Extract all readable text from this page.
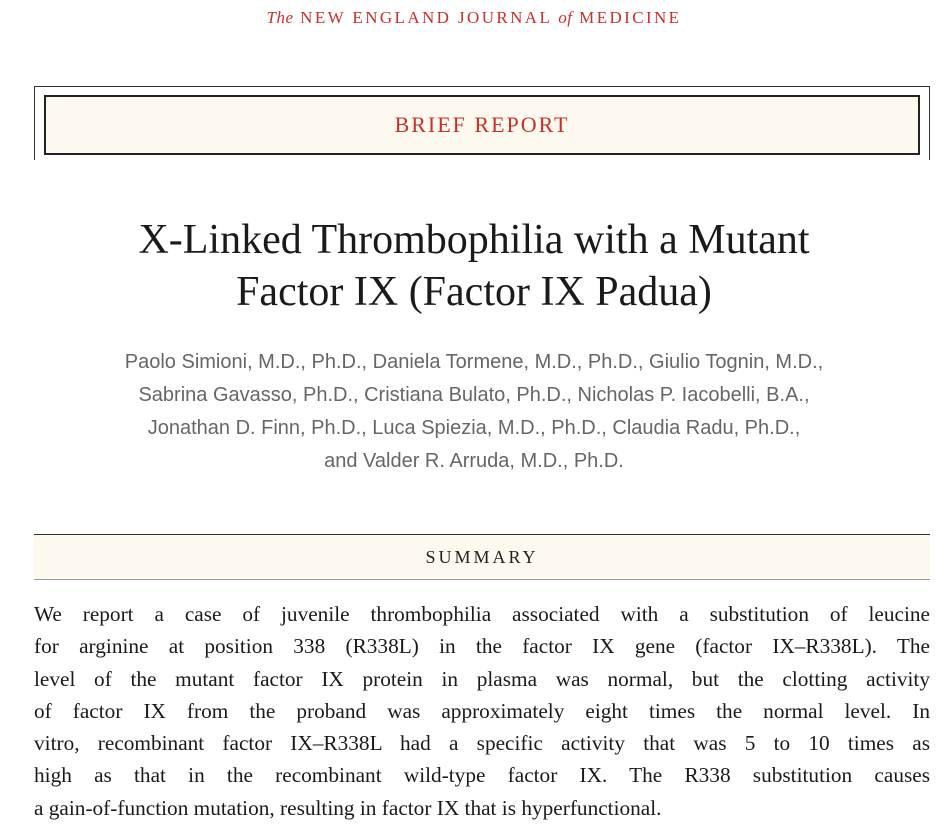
The NEW ENGLAND JOURNAL of MEDICINE
BRIEF REPORT
X-Linked Thrombophilia with a Mutant
Factor IX (Factor IX Padua)
Paolo Simioni, M.D., Ph.D., Daniela Tormene, M.D., Ph.D., Giulio Tognin, M.D.,
Sabrina Gavasso, Ph.D., Cristiana Bulato, Ph.D., Nicholas P. Iacobelli, B.A.,
Jonathan D. Finn, Ph.D., Luca Spiezia, M.D., Ph.D., Claudia Radu, Ph.D.,
and Valder R. Arruda, M.D., Ph.D.
SUMMARY
We report a case of juvenile thrombophilia associated with a substitution of leucine
for arginine at position 338 (R338L) in the factor IX gene (factor IX–R338L). The
level of the mutant factor IX protein in plasma was normal, but the clotting activity
of factor IX from the proband was approximately eight times the normal level. In
vitro, recombinant factor IX–R338L had a specific activity that was 5 to 10 times as
high as that in the recombinant wild-type factor IX. The R338 substitution causes
a gain-of-function mutation, resulting in factor IX that is hyperfunctional.
